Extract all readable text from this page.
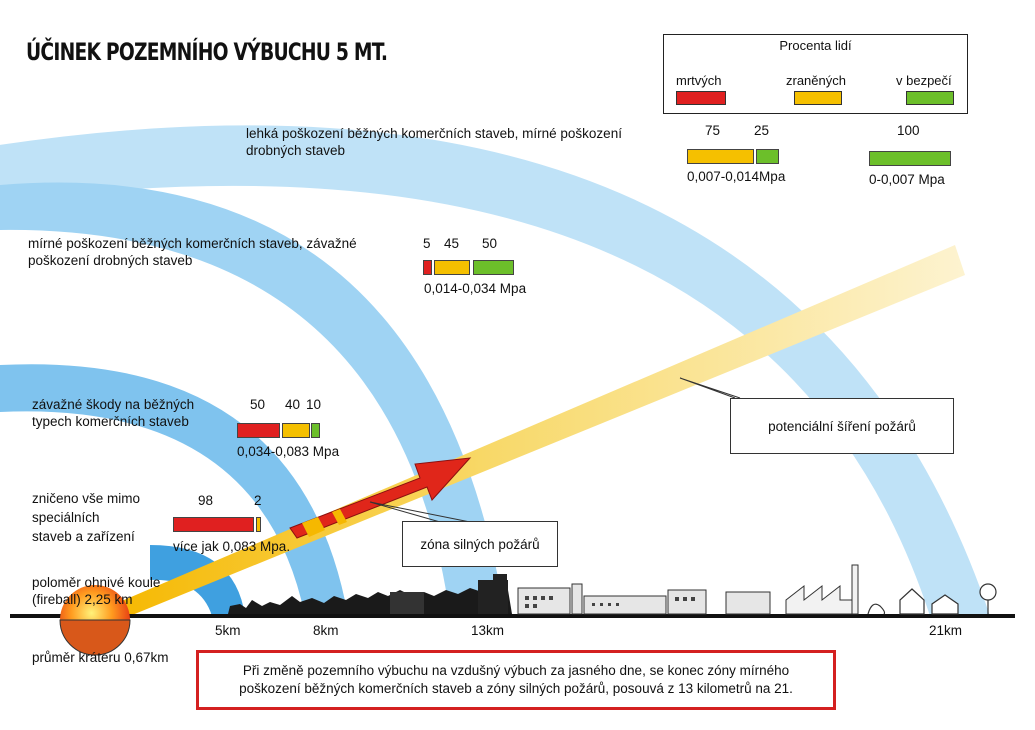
ÚČINEK POZEMNÍHO VÝBUCHU 5 MT.	Procenta lidí
mrtvých	zraněných	v bezpečí
lehká poškození běžných komerčních staveb, mírné poškození
drobných staveb
75	25
0,007-0,014Mpa
100
0-0,007 Mpa
mírné poškození běžných komerčních staveb, závažné
poškození drobných staveb
5 45 50
0,014-0,034 Mpa
závažné škody na běžných
typech komerčních staveb
50 40 10
0,034-0,083 Mpa
zničeno vše mimo
speciálních
staveb a zařízení
98	2
více jak 0,083 Mpa.
poloměr ohnivé koule
(fireball) 2,25 km
průměr kráteru 0,67km
potenciální šíření požárů
zóna silných požárů
5km	8km	13km	21km
Při změně pozemního výbuchu na vzdušný výbuch za jasného dne, se konec zóny mírného poškození běžných komerčních staveb a zóny silných požárů, posouvá z 13 kilometrů na 21.
